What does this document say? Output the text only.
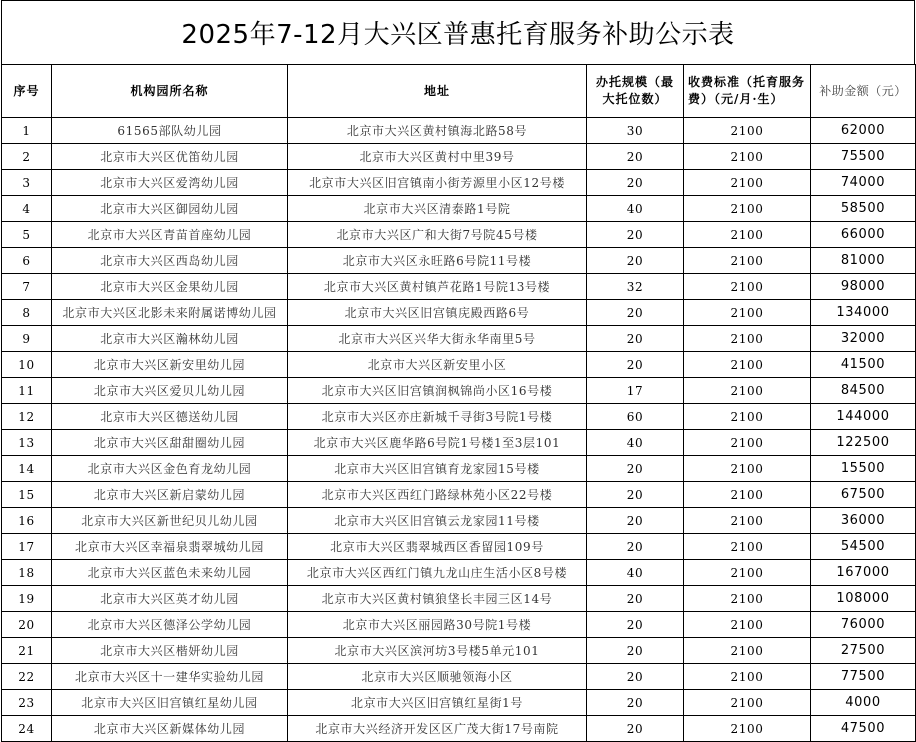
2025年7-12月大兴区普惠托育服务补助公示表
序号	机构园所名称	地址	办托规模（最大托位数）	收费标准（托育服务费）（元/月·生）	补助金额（元）
1	61565部队幼儿园	北京市大兴区黄村镇海北路58号	30	2100	62000
2	北京市大兴区优笛幼儿园	北京市大兴区黄村中里39号	20	2100	75500
3	北京市大兴区爱湾幼儿园	北京市大兴区旧宫镇南小街芳源里小区12号楼	20	2100	74000
4	北京市大兴区御园幼儿园	北京市大兴区清泰路1号院	40	2100	58500
5	北京市大兴区青苗首座幼儿园	北京市大兴区广和大街7号院45号楼	20	2100	66000
6	北京市大兴区西岛幼儿园	北京市大兴区永旺路6号院11号楼	20	2100	81000
7	北京市大兴区金果幼儿园	北京市大兴区黄村镇芦花路1号院13号楼	32	2100	98000
8	北京市大兴区北影未来附属诺博幼儿园	北京市大兴区旧宫镇庑殿西路6号	20	2100	134000
9	北京市大兴区瀚林幼儿园	北京市大兴区兴华大街永华南里5号	20	2100	32000
10	北京市大兴区新安里幼儿园	北京市大兴区新安里小区	20	2100	41500
11	北京市大兴区爱贝儿幼儿园	北京市大兴区旧宫镇润枫锦尚小区16号楼	17	2100	84500
12	北京市大兴区德送幼儿园	北京市大兴区亦庄新城千寻街3号院1号楼	60	2100	144000
13	北京市大兴区甜甜圈幼儿园	北京市大兴区鹿华路6号院1号楼1至3层101	40	2100	122500
14	北京市大兴区金色育龙幼儿园	北京市大兴区旧宫镇育龙家园15号楼	20	2100	15500
15	北京市大兴区新启蒙幼儿园	北京市大兴区西红门路绿林苑小区22号楼	20	2100	67500
16	北京市大兴区新世纪贝儿幼儿园	北京市大兴区旧宫镇云龙家园11号楼	20	2100	36000
17	北京市大兴区幸福泉翡翠城幼儿园	北京市大兴区翡翠城西区香留园109号	20	2100	54500
18	北京市大兴区蓝色未来幼儿园	北京市大兴区西红门镇九龙山庄生活小区8号楼	40	2100	167000
19	北京市大兴区英才幼儿园	北京市大兴区黄村镇狼垡长丰园三区14号	20	2100	108000
20	北京市大兴区德泽公学幼儿园	北京市大兴区丽园路30号院1号楼	20	2100	76000
21	北京市大兴区楷妍幼儿园	北京市大兴区滨河坊3号楼5单元101	20	2100	27500
22	北京市大兴区十一建华实验幼儿园	北京市大兴区顺驰领海小区	20	2100	77500
23	北京市大兴区旧宫镇红星幼儿园	北京市大兴区旧宫镇红星街1号	20	2100	4000
24	北京市大兴区新媒体幼儿园	北京市大兴经济开发区区广茂大街17号南院	20	2100	47500
